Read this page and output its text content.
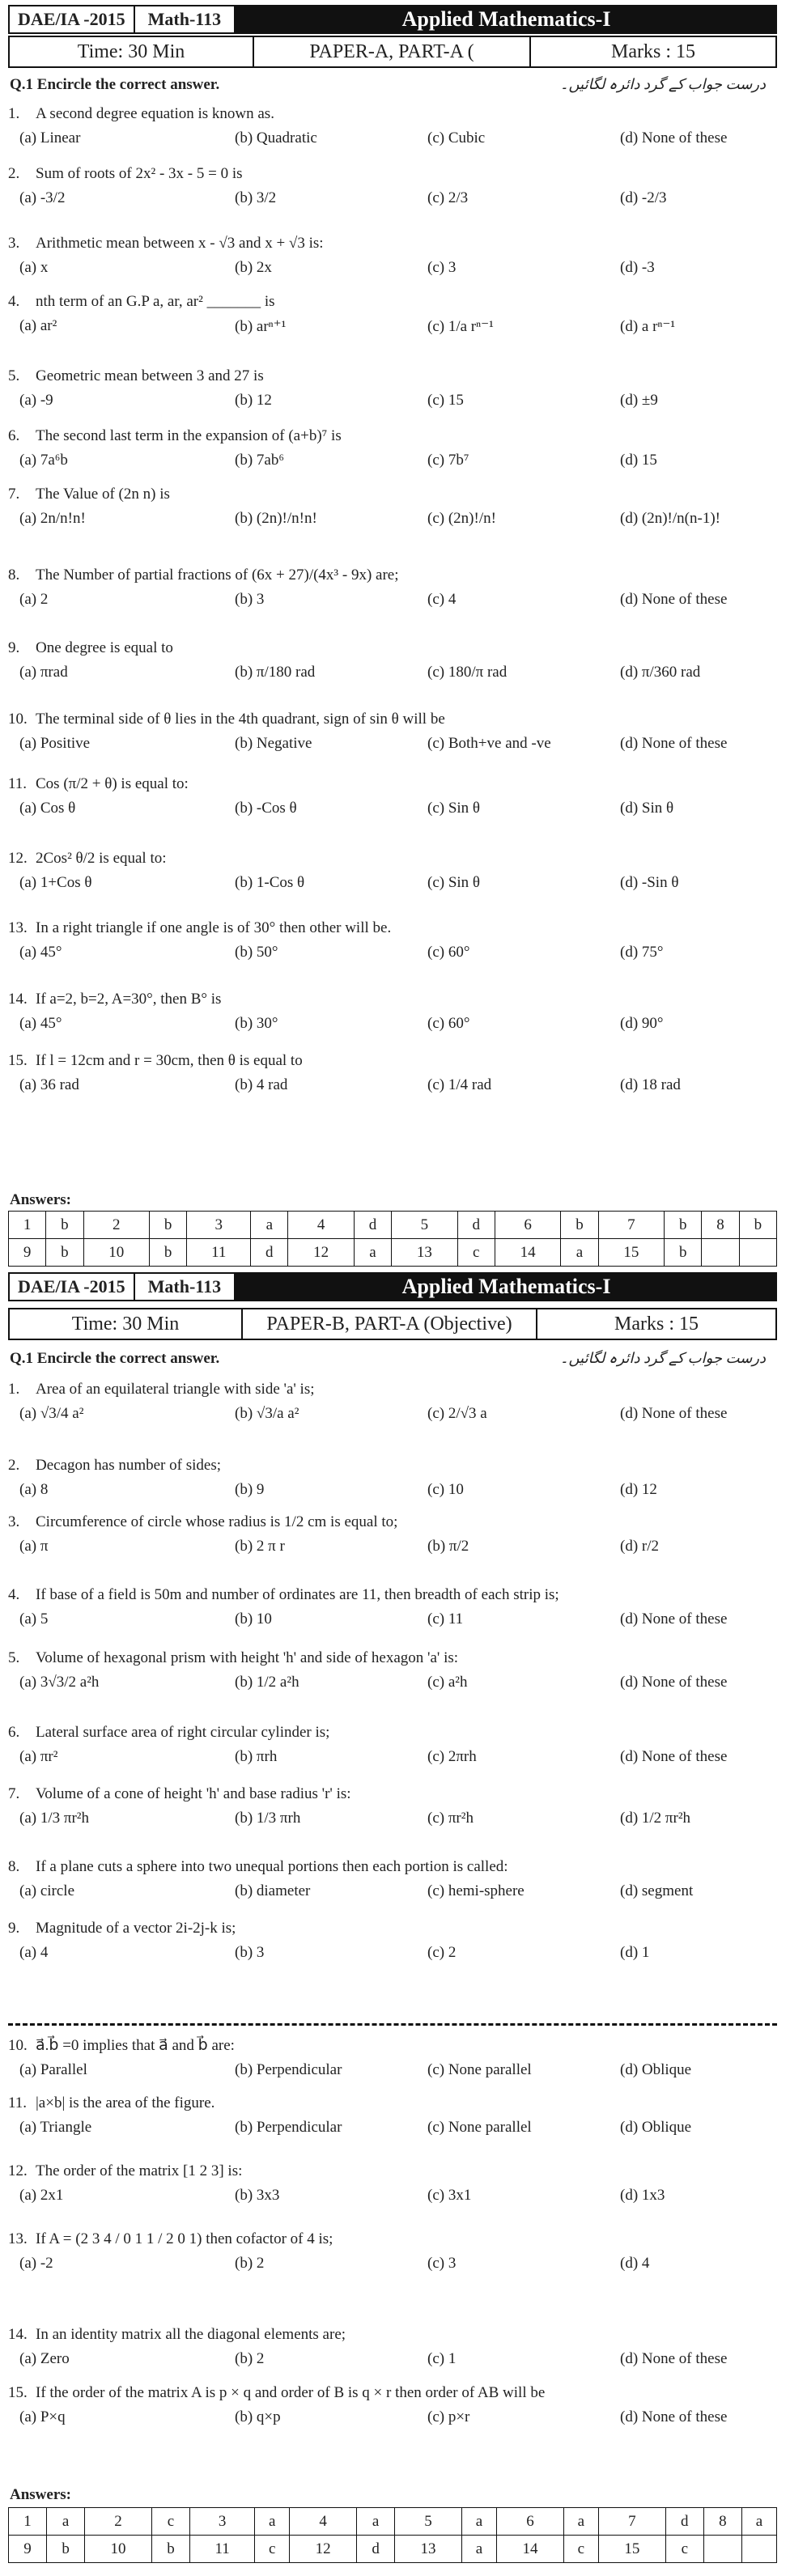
DAE/IA -2015	Math-113	Applied Mathematics-I
Time: 30 Min	PAPER-A, PART-A (	Marks : 15
Q.1 Encircle the correct answer.	درست جواب کے گرد دائرہ لگائیں۔
1. A second degree equation is known as.
(a) Linear	(b) Quadratic	(c) Cubic	(d) None of these
2. Sum of roots of 2x² - 3x - 5 = 0 is
(a) -3/2	(b) 3/2	(c) 2/3	(d) -2/3
3. Arithmetic mean between x - √3 and x + √3 is:
(a) x	(b) 2x	(c) 3	(d) -3
4. nth term of an G.P a, ar, ar² _______ is
(a) ar²	(b) arⁿ⁺¹	(c) 1/a rⁿ⁻¹	(d) a rⁿ⁻¹
5. Geometric mean between 3 and 27 is
(a) -9	(b) 12	(c) 15	(d) ±9
6. The second last term in the expansion of (a+b)⁷ is
(a) 7a⁶b	(b) 7ab⁶	(c) 7b⁷	(d) 15
7. The Value of (2n n) is
(a) 2n/n!n!	(b) (2n)!/n!n!	(c) (2n)!/n!	(d) (2n)!/n(n-1)!
8. The Number of partial fractions of (6x + 27)/(4x³ - 9x) are;
(a) 2	(b) 3	(c) 4	(d) None of these
9. One degree is equal to
(a) πrad	(b) π/180 rad	(c) 180/π rad	(d) π/360 rad
10. The terminal side of θ lies in the 4th quadrant, sign of sin θ will be
(a) Positive	(b) Negative	(c) Both+ve and -ve	(d) None of these
11. Cos (π/2 + θ) is equal to:
(a) Cos θ	(b) -Cos θ	(c) Sin θ	(d) Sin θ
12. 2Cos² θ/2 is equal to:
(a) 1+Cos θ	(b) 1-Cos θ	(c) Sin θ	(d) -Sin θ
13. In a right triangle if one angle is of 30° then other will be.
(a) 45°	(b) 50°	(c) 60°	(d) 75°
14. If a=2, b=2, A=30°, then B° is
(a) 45°	(b) 30°	(c) 60°	(d) 90°
15. If l = 12cm and r = 30cm, then θ is equal to
(a) 36 rad	(b) 4 rad	(c) 1/4 rad	(d) 18 rad
Answers:
1	b	2	b	3	a	4	d	5	d	6	b	7	b	8	b
9	b	10	b	11	d	12	a	13	c	14	a	15	b		
DAE/IA -2015	Math-113	Applied Mathematics-I
Time: 30 Min	PAPER-B, PART-A (Objective)	Marks : 15
Q.1 Encircle the correct answer.	درست جواب کے گرد دائرہ لگائیں۔
1. Area of an equilateral triangle with side 'a' is;
(a) √3/4 a²	(b) √3/a a²	(c) 2/√3 a	(d) None of these
2. Decagon has number of sides;
(a) 8	(b) 9	(c) 10	(d) 12
3. Circumference of circle whose radius is 1/2 cm is equal to;
(a) π	(b) 2 π r	(b) π/2	(d) r/2
4. If base of a field is 50m and number of ordinates are 11, then breadth of each strip is;
(a) 5	(b) 10	(c) 11	(d) None of these
5. Volume of hexagonal prism with height 'h' and side of hexagon 'a' is:
(a) 3√3/2 a²h	(b) 1/2 a²h	(c) a²h	(d) None of these
6. Lateral surface area of right circular cylinder is;
(a) πr²	(b) πrh	(c) 2πrh	(d) None of these
7. Volume of a cone of height 'h' and base radius 'r' is:
(a) 1/3 πr²h	(b) 1/3 πrh	(c) πr²h	(d) 1/2 πr²h
8. If a plane cuts a sphere into two unequal portions then each portion is called:
(a) circle	(b) diameter	(c) hemi-sphere	(d) segment
9. Magnitude of a vector 2i-2j-k is;
(a) 4	(b) 3	(c) 2	(d) 1
10. a⃗.b⃗ =0 implies that a⃗ and b⃗ are:
(a) Parallel	(b) Perpendicular	(c) None parallel	(d) Oblique
11. |a×b| is the area of the figure.
(a) Triangle	(b) Perpendicular	(c) None parallel	(d) Oblique
12. The order of the matrix [1 2 3] is:
(a) 2x1	(b) 3x3	(c) 3x1	(d) 1x3
13. If A = (2 3 4 / 0 1 1 / 2 0 1) then cofactor of 4 is;
(a) -2	(b) 2	(c) 3	(d) 4
14. In an identity matrix all the diagonal elements are;
(a) Zero	(b) 2	(c) 1	(d) None of these
15. If the order of the matrix A is p × q and order of B is q × r then order of AB will be
(a) P×q	(b) q×p	(c) p×r	(d) None of these
Answers:
1	a	2	c	3	a	4	a	5	a	6	a	7	d	8	a
9	b	10	b	11	c	12	d	13	a	14	c	15	c		
